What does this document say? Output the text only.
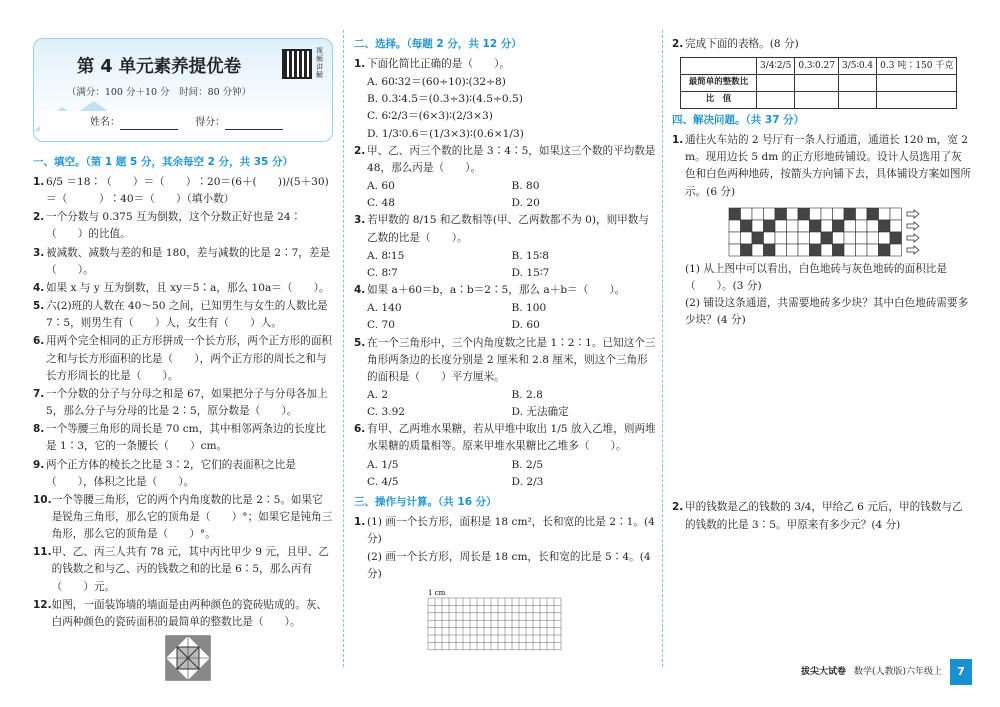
第 4 单元素养提优卷
（满分：100 分＋10 分　时间：80 分钟）
视频讲解
姓名：	得分：
一、填空。（第 1 题 5 分，其余每空 2 分，共 35 分）
1. 6/5 ＝18∶（　　）＝（　　）∶20＝(6＋(　　))/(5＋30)＝（　　　）∶40＝（　　）（填小数）
2. 一个分数与 0.375 互为倒数，这个分数正好也是 24∶（　　）的比值。
3. 被减数、减数与差的和是 180，差与减数的比是 2∶7，差是（　　）。
4. 如果 x 与 y 互为倒数，且 xy＝5∶a，那么 10a＝（　　）。
5. 六(2)班的人数在 40～50 之间，已知男生与女生的人数比是 7∶5，则男生有（　　）人，女生有（　　）人。
6. 用两个完全相同的正方形拼成一个长方形，两个正方形的面积之和与长方形面积的比是（　　），两个正方形的周长之和与长方形周长的比是（　　）。
7. 一个分数的分子与分母之和是 67，如果把分子与分母各加上 5，那么分子与分母的比是 2∶5，原分数是（　　）。
8. 一个等腰三角形的周长是 70 cm，其中相邻两条边的长度比是 1∶3，它的一条腰长（　　）cm。
9. 两个正方体的棱长之比是 3∶2，它们的表面积之比是（　　），体积之比是（　　）。
10. 一个等腰三角形，它的两个内角度数的比是 2∶5。如果它是锐角三角形，那么它的顶角是（　　）°；如果它是钝角三角形，那么它的顶角是（　　）°。
11. 甲、乙、丙三人共有 78 元，其中丙比甲少 9 元，且甲、乙的钱数之和与乙、丙的钱数之和的比是 6∶5，那么丙有（　　）元。
12. 如图，一面装饰墙的墙面是由两种颜色的瓷砖贴成的。灰、白两种颜色的瓷砖面积的最简单的整数比是（　　）。
二、选择。（每题 2 分，共 12 分）
1. 下面化简比正确的是（　　）。
A. 60∶32＝(60÷10)∶(32÷8)
B. 0.3∶4.5＝(0.3÷3)∶(4.5÷0.5)
C. 6∶2/3＝(6×3)∶(2/3×3)
D. 1/3∶0.6＝(1/3×3)∶(0.6×1/3)
2. 甲、乙、丙三个数的比是 3∶4∶5，如果这三个数的平均数是 48，那么丙是（　　）。
A. 60	B. 80
C. 48	D. 20
3. 若甲数的 8/15 和乙数相等(甲、乙两数都不为 0)，则甲数与乙数的比是（　　）。
A. 8∶15	B. 15∶8
C. 8∶7	D. 15∶7
4. 如果 a＋60＝b，a∶b＝2∶5，那么 a＋b＝（　　）。
A. 140	B. 100
C. 70	D. 60
5. 在一个三角形中，三个内角度数之比是 1∶2∶1。已知这个三角形两条边的长度分别是 2 厘米和 2.8 厘米，则这个三角形的面积是（　　）平方厘米。
A. 2	B. 2.8
C. 3.92	D. 无法确定
6. 有甲、乙两堆水果糖，若从甲堆中取出 1/5 放入乙堆，则两堆水果糖的质量相等。原来甲堆水果糖比乙堆多（　　）。
A. 1/5	B. 2/5
C. 4/5	D. 2/3
三、操作与计算。（共 16 分）
1. (1) 画一个长方形，面积是 18 cm²，长和宽的比是 2∶1。(4 分)
(2) 画一个长方形，周长是 18 cm，长和宽的比是 5∶4。(4 分)
1 cm
2. 完成下面的表格。(8 分)
	3/4∶2/5	0.3∶0.27	3/5∶0.4	0.3 吨∶150 千克
最简单的整数比				
比　值				
四、解决问题。（共 37 分）
1. 通往火车站的 2 号厅有一条人行通道，通道长 120 m，宽 2 m。现用边长 5 dm 的正方形地砖铺设。设计人员选用了灰色和白色两种地砖，按箭头方向铺下去，具体铺设方案如图所示。(6 分)
(1) 从上图中可以看出，白色地砖与灰色地砖的面积比是（　　）。(3 分)
(2) 铺设这条通道，共需要地砖多少块？其中白色地砖需要多少块？(4 分)
2. 甲的钱数是乙的钱数的 3/4，甲给乙 6 元后，甲的钱数与乙的钱数的比是 3∶5。甲原来有多少元？(4 分)
拔尖大试卷 数学(人教版)六年级上	7
